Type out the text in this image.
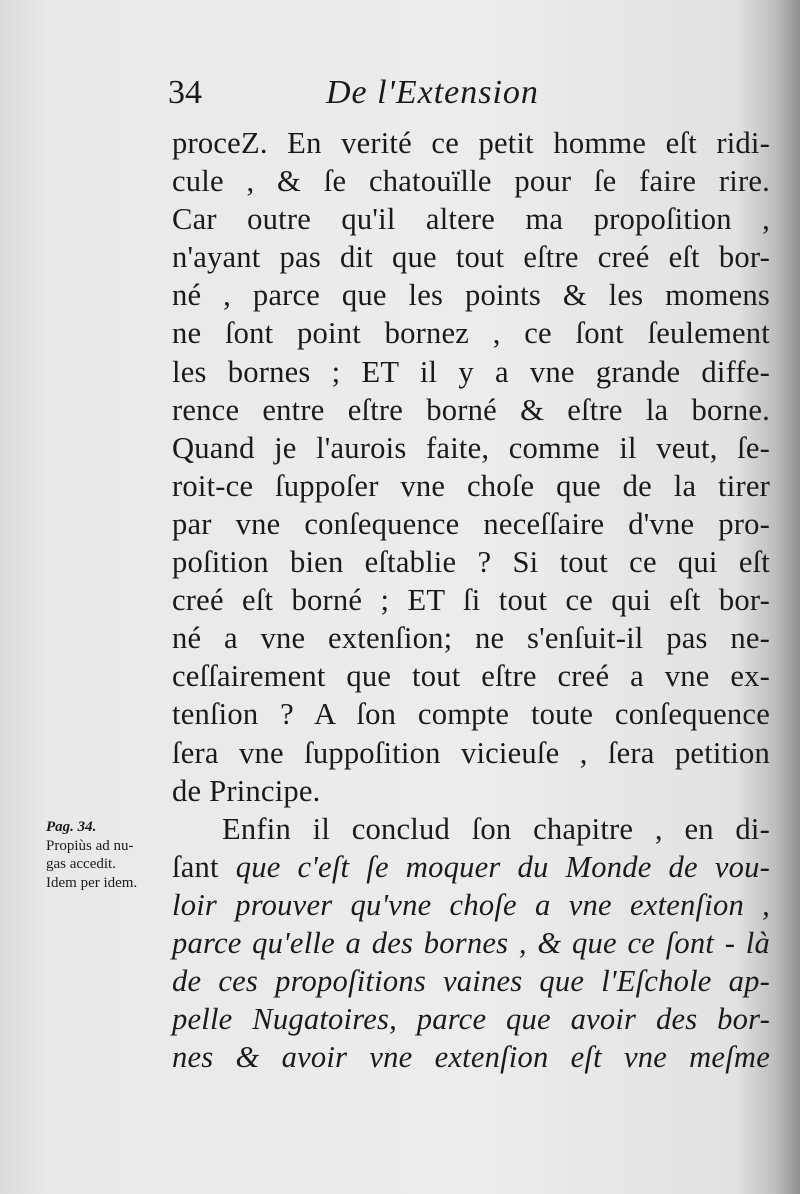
34	De l'Extension
proceZ. En verité ce petit homme eſt ridi-
cule , & ſe chatouïlle pour ſe faire rire.
Car outre qu'il altere ma propoſition ,
n'ayant pas dit que tout eſtre creé eſt bor-
né , parce que les points & les momens
ne ſont point bornez , ce ſont ſeulement
les bornes ; ET il y a vne grande diffe-
rence entre eſtre borné & eſtre la borne.
Quand je l'aurois faite, comme il veut, ſe-
roit-ce ſuppoſer vne choſe que de la tirer
par vne conſequence neceſſaire d'vne pro-
poſition bien eſtablie ? Si tout ce qui eſt
creé eſt borné ; ET ſi tout ce qui eſt bor-
né a vne extenſion; ne s'enſuit-il pas ne-
ceſſairement que tout eſtre creé a vne ex-
tenſion ? A ſon compte toute conſequence
ſera vne ſuppoſition vicieuſe , ſera petition
de Principe.
Enfin il conclud ſon chapitre , en di-
ſant que c'eſt ſe moquer du Monde de vou-
loir prouver qu'vne choſe a vne extenſion ,
parce qu'elle a des bornes , & que ce ſont - là
de ces propoſitions vaines que l'Eſchole ap-
pelle Nugatoires, parce que avoir des bor-
nes & avoir vne extenſion eſt vne meſme
Pag. 34.
Propiùs ad nu-
gas accedit.
Idem per idem.
